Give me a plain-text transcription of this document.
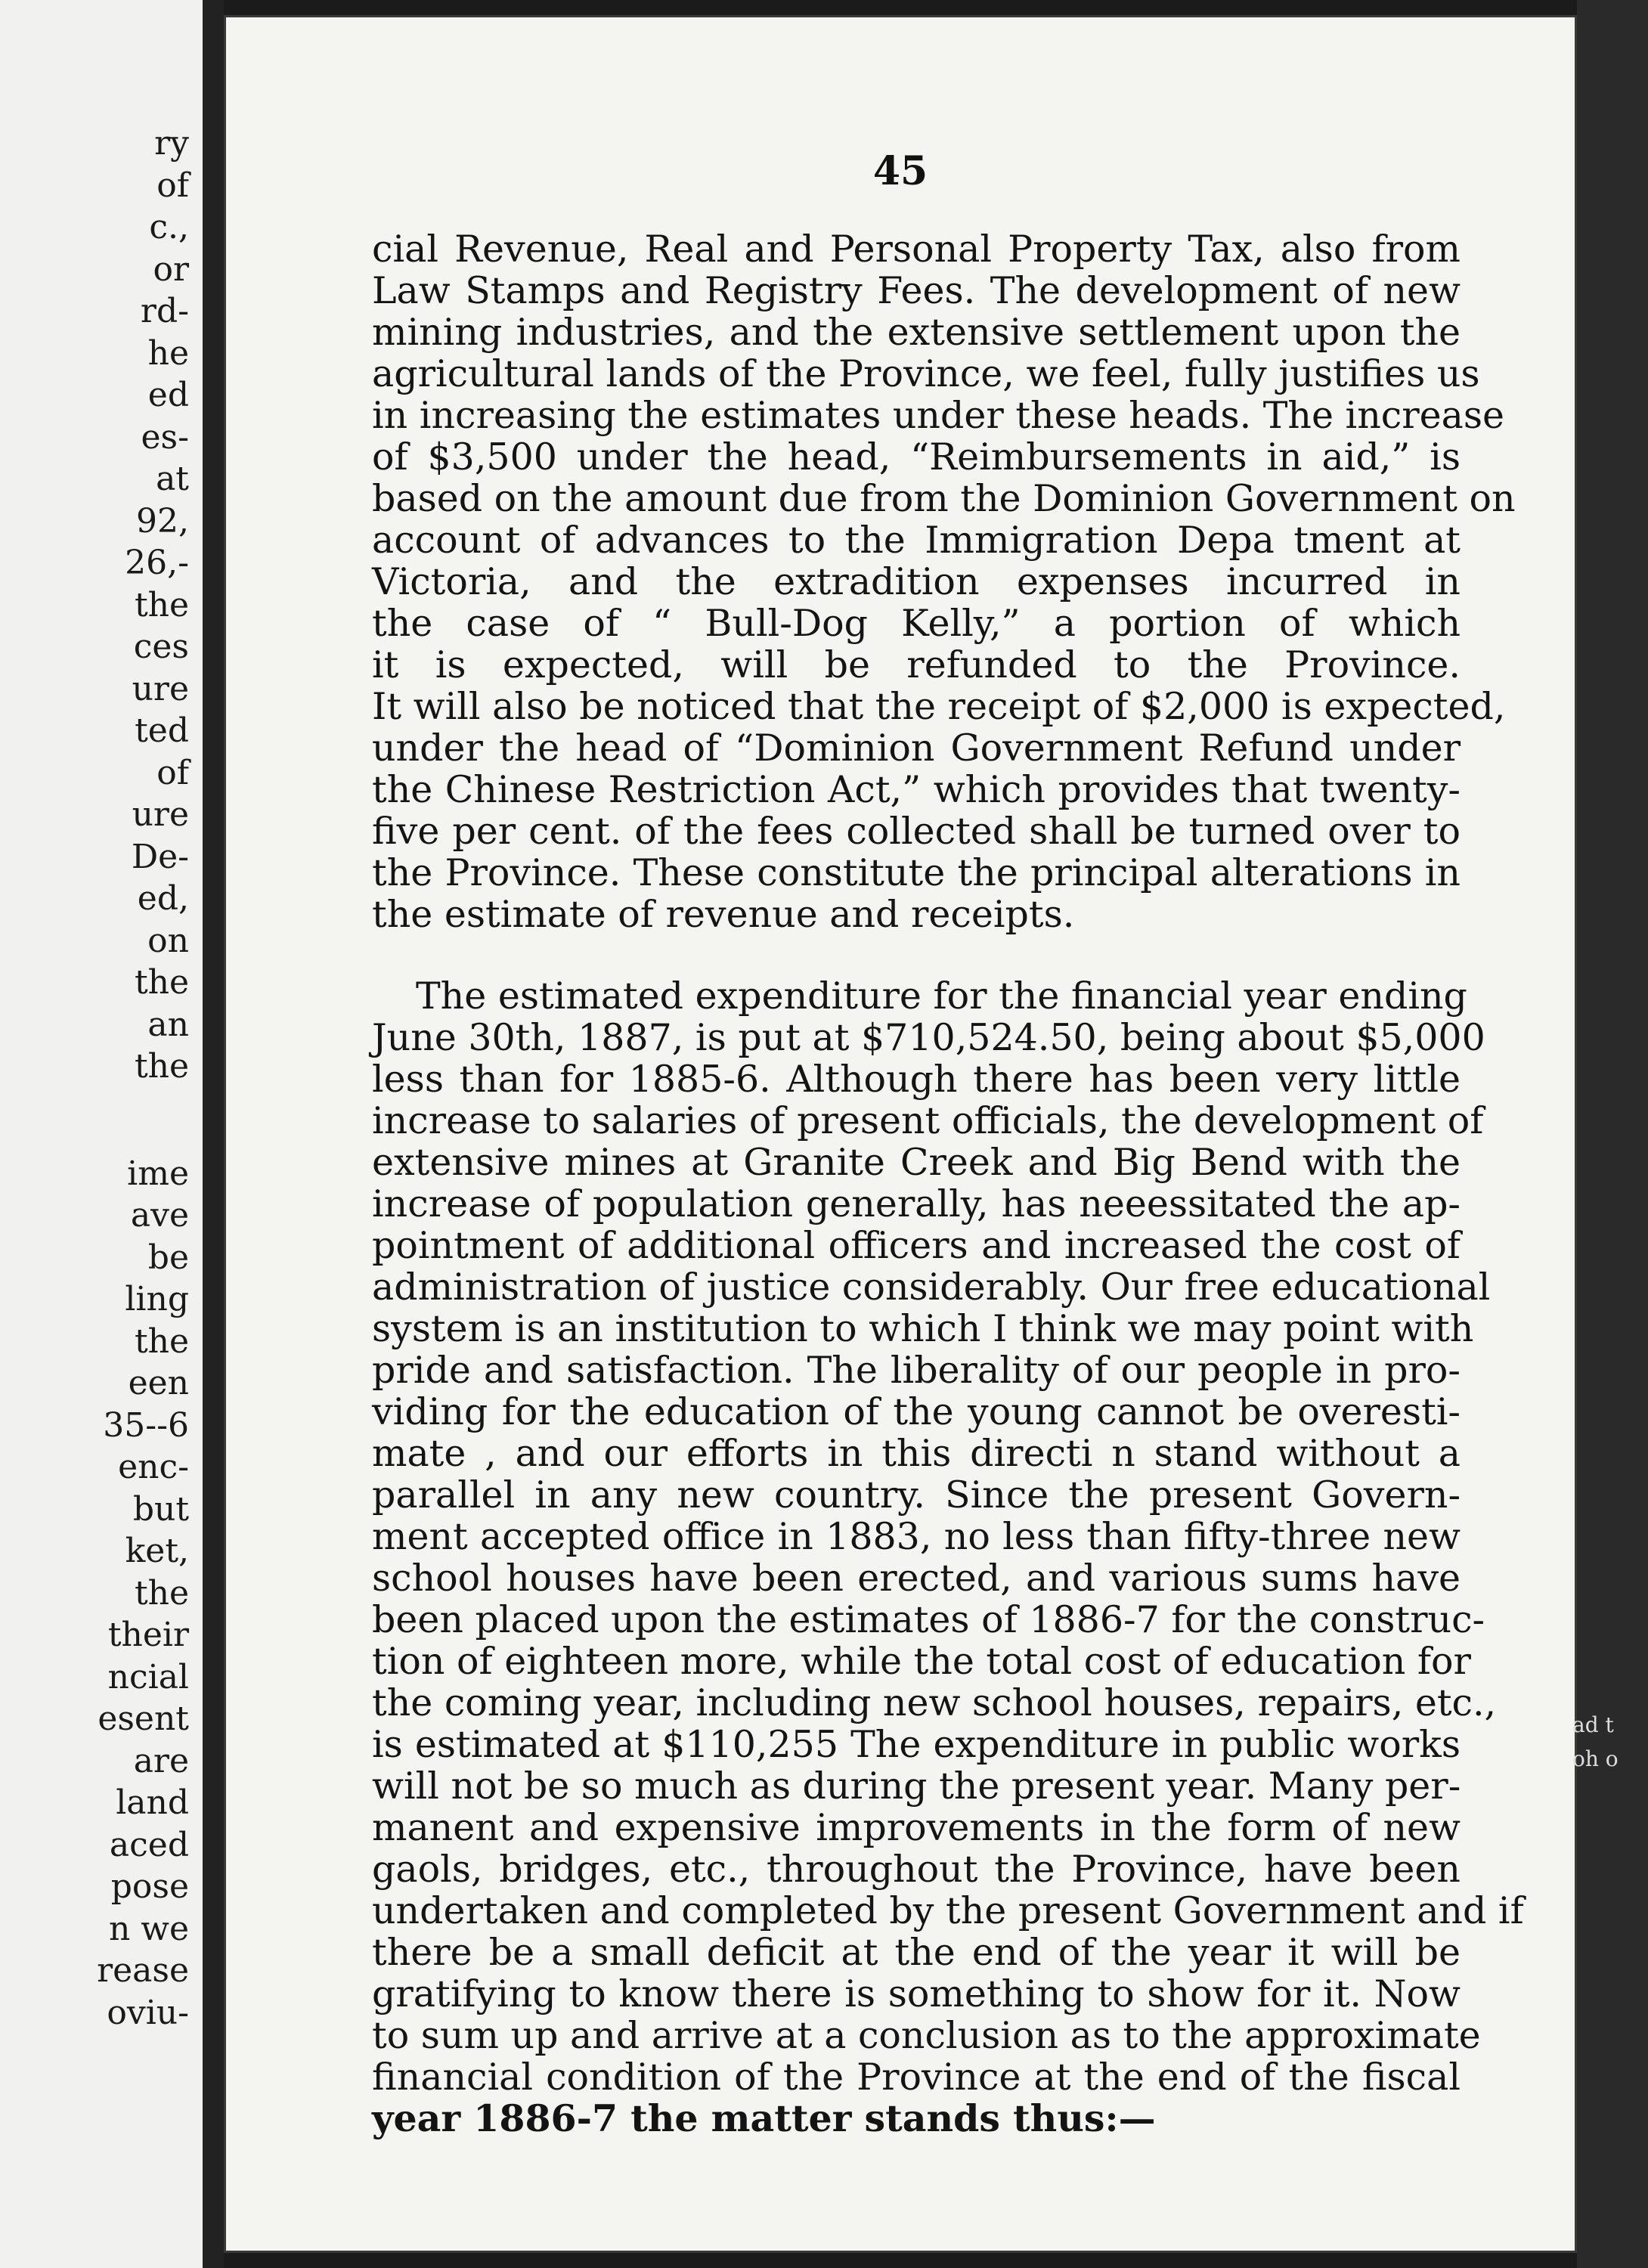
ry
of
c.,
or
rd-
he
ed
es-
at
92,
26,-
the
ces
ure
ted
of
ure
De-
ed,
on
the
an
the
ime
ave
be
ling
the
een
35--6
enc-
but
ket,
the
their
ncial
esent
are
land
aced
pose
n we
rease
oviu-
45
cial Revenue, Real and Personal Property Tax, also from
Law Stamps and Registry Fees. The development of new
mining industries, and the extensive settlement upon the
agricultural lands of the Province, we feel, fully justifies us
in increasing the estimates under these heads. The increase
of $3,500 under the head, “Reimbursements in aid,” is
based on the amount due from the Dominion Government on
account of advances to the Immigration Depa tment at
Victoria, and the extradition expenses incurred in
the case of “ Bull-Dog Kelly,” a portion of which
it is expected, will be refunded to the Province.
It will also be noticed that the receipt of $2,000 is expected,
under the head of “Dominion Government Refund under
the Chinese Restriction Act,” which provides that twenty-
five per cent. of the fees collected shall be turned over to
the Province. These constitute the principal alterations in
the estimate of revenue and receipts.
The estimated expenditure for the financial year ending
June 30th, 1887, is put at $710,524.50, being about $5,000
less than for 1885-6. Although there has been very little
increase to salaries of present officials, the development of
extensive mines at Granite Creek and Big Bend with the
increase of population generally, has neeessitated the ap-
pointment of additional officers and increased the cost of
administration of justice considerably. Our free educational
system is an institution to which I think we may point with
pride and satisfaction. The liberality of our people in pro-
viding for the education of the young cannot be overesti-
mate , and our efforts in this directi n stand without a
parallel in any new country. Since the present Govern-
ment accepted office in 1883, no less than fifty-three new
school houses have been erected, and various sums have
been placed upon the estimates of 1886-7 for the construc-
tion of eighteen more, while the total cost of education for
the coming year, including new school houses, repairs, etc.,
is estimated at $110,255 The expenditure in public works
will not be so much as during the present year. Many per-
manent and expensive improvements in the form of new
gaols, bridges, etc., throughout the Province, have been
undertaken and completed by the present Government and if
there be a small deficit at the end of the year it will be
gratifying to know there is something to show for it. Now
to sum up and arrive at a conclusion as to the approximate
financial condition of the Province at the end of the fiscal
year 1886-7 the matter stands thus:—
ad t
oh o
